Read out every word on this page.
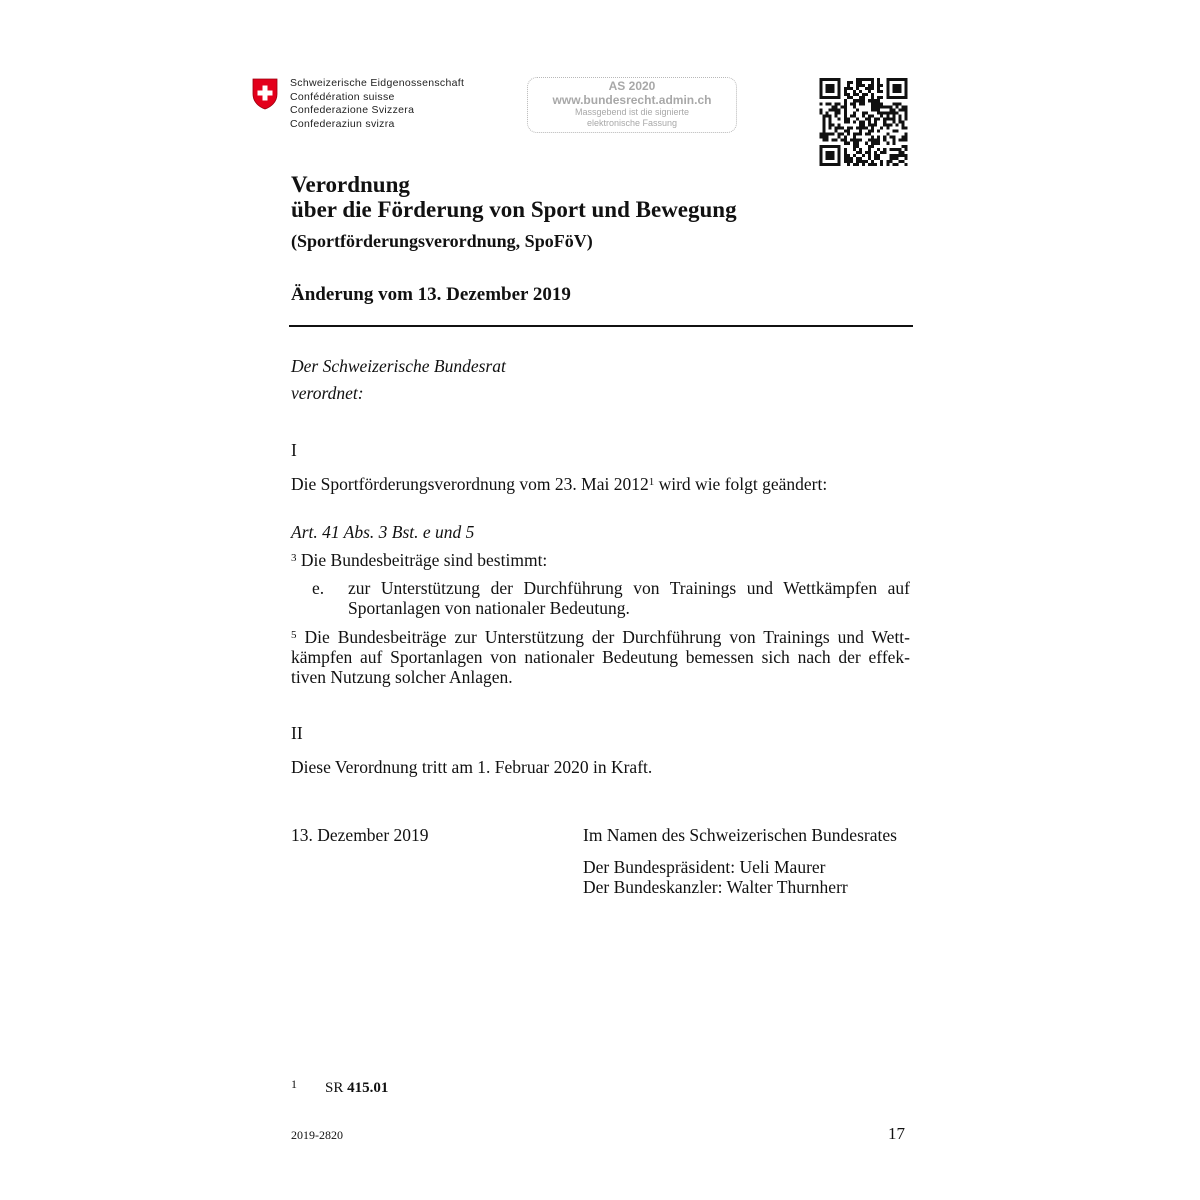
Schweizerische Eidgenossenschaft
Confédération suisse
Confederazione Svizzera
Confederaziun svizra
AS 2020
www.bundesrecht.admin.ch
Massgebend ist die signierte
elektronische Fassung
Verordnung
über die Förderung von Sport und Bewegung
(Sportförderungsverordnung, SpoFöV)
Änderung vom 13. Dezember 2019
Der Schweizerische Bundesrat
verordnet:
I
Die Sportförderungsverordnung vom 23. Mai 2012$^1$ wird wie folgt geändert:
Art. 41 Abs. 3 Bst. e und 5
$^3$ Die Bundesbeiträge sind bestimmt:
e. zur Unterstützung der Durchführung von Trainings und Wettkämpfen auf
Sportanlagen von nationaler Bedeutung.
$^5$ Die Bundesbeiträge zur Unterstützung der Durchführung von Trainings und Wett-
kämpfen auf Sportanlagen von nationaler Bedeutung bemessen sich nach der effek-
tiven Nutzung solcher Anlagen.
II
Diese Verordnung tritt am 1. Februar 2020 in Kraft.
13. Dezember 2019	Im Namen des Schweizerischen Bundesrates
Der Bundespräsident: Ueli Maurer
Der Bundeskanzler: Walter Thurnherr
1 SR 415.01
2019-2820	17
